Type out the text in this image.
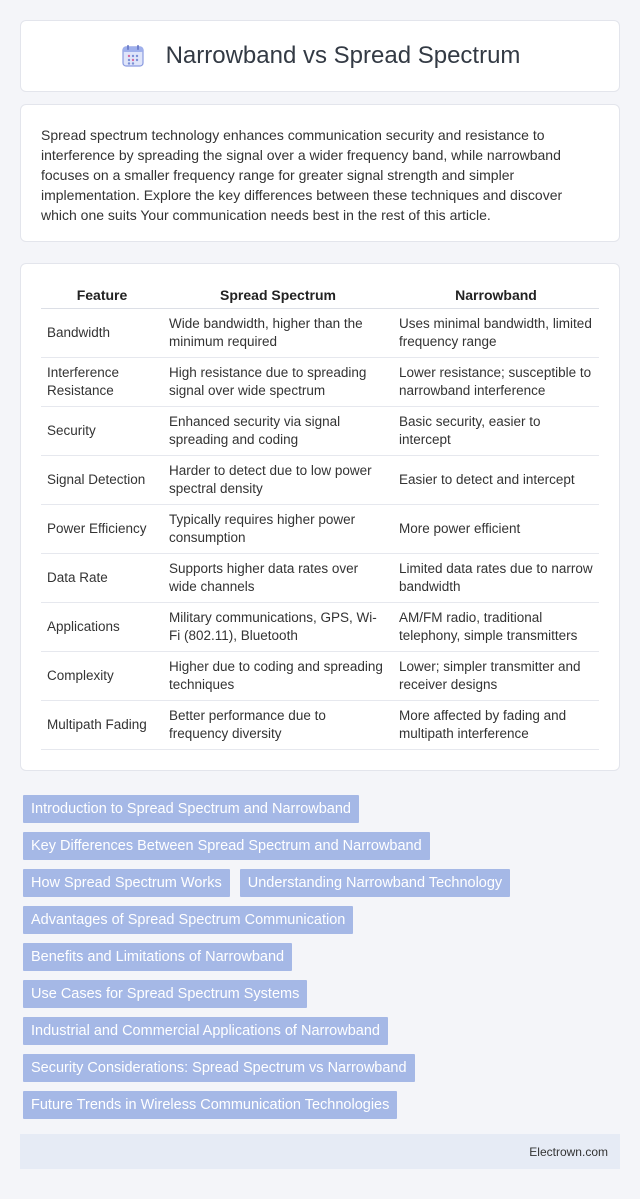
Narrowband vs Spread Spectrum

Spread spectrum technology enhances communication security and resistance to interference by spreading the signal over a wider frequency band, while narrowband focuses on a smaller frequency range for greater signal strength and simpler implementation. Explore the key differences between these techniques and discover which one suits Your communication needs best in the rest of this article.

Feature	Spread Spectrum	Narrowband
Bandwidth	Wide bandwidth, higher than the minimum required	Uses minimal bandwidth, limited frequency range
Interference Resistance	High resistance due to spreading signal over wide spectrum	Lower resistance; susceptible to narrowband interference
Security	Enhanced security via signal spreading and coding	Basic security, easier to intercept
Signal Detection	Harder to detect due to low power spectral density	Easier to detect and intercept
Power Efficiency	Typically requires higher power consumption	More power efficient
Data Rate	Supports higher data rates over wide channels	Limited data rates due to narrow bandwidth
Applications	Military communications, GPS, Wi-Fi (802.11), Bluetooth	AM/FM radio, traditional telephony, simple transmitters
Complexity	Higher due to coding and spreading techniques	Lower; simpler transmitter and receiver designs
Multipath Fading	Better performance due to frequency diversity	More affected by fading and multipath interference
Introduction to Spread Spectrum and Narrowband
Key Differences Between Spread Spectrum and Narrowband
How Spread Spectrum Works	Understanding Narrowband Technology
Advantages of Spread Spectrum Communication
Benefits and Limitations of Narrowband
Use Cases for Spread Spectrum Systems
Industrial and Commercial Applications of Narrowband
Security Considerations: Spread Spectrum vs Narrowband
Future Trends in Wireless Communication Technologies
Electrown.com
